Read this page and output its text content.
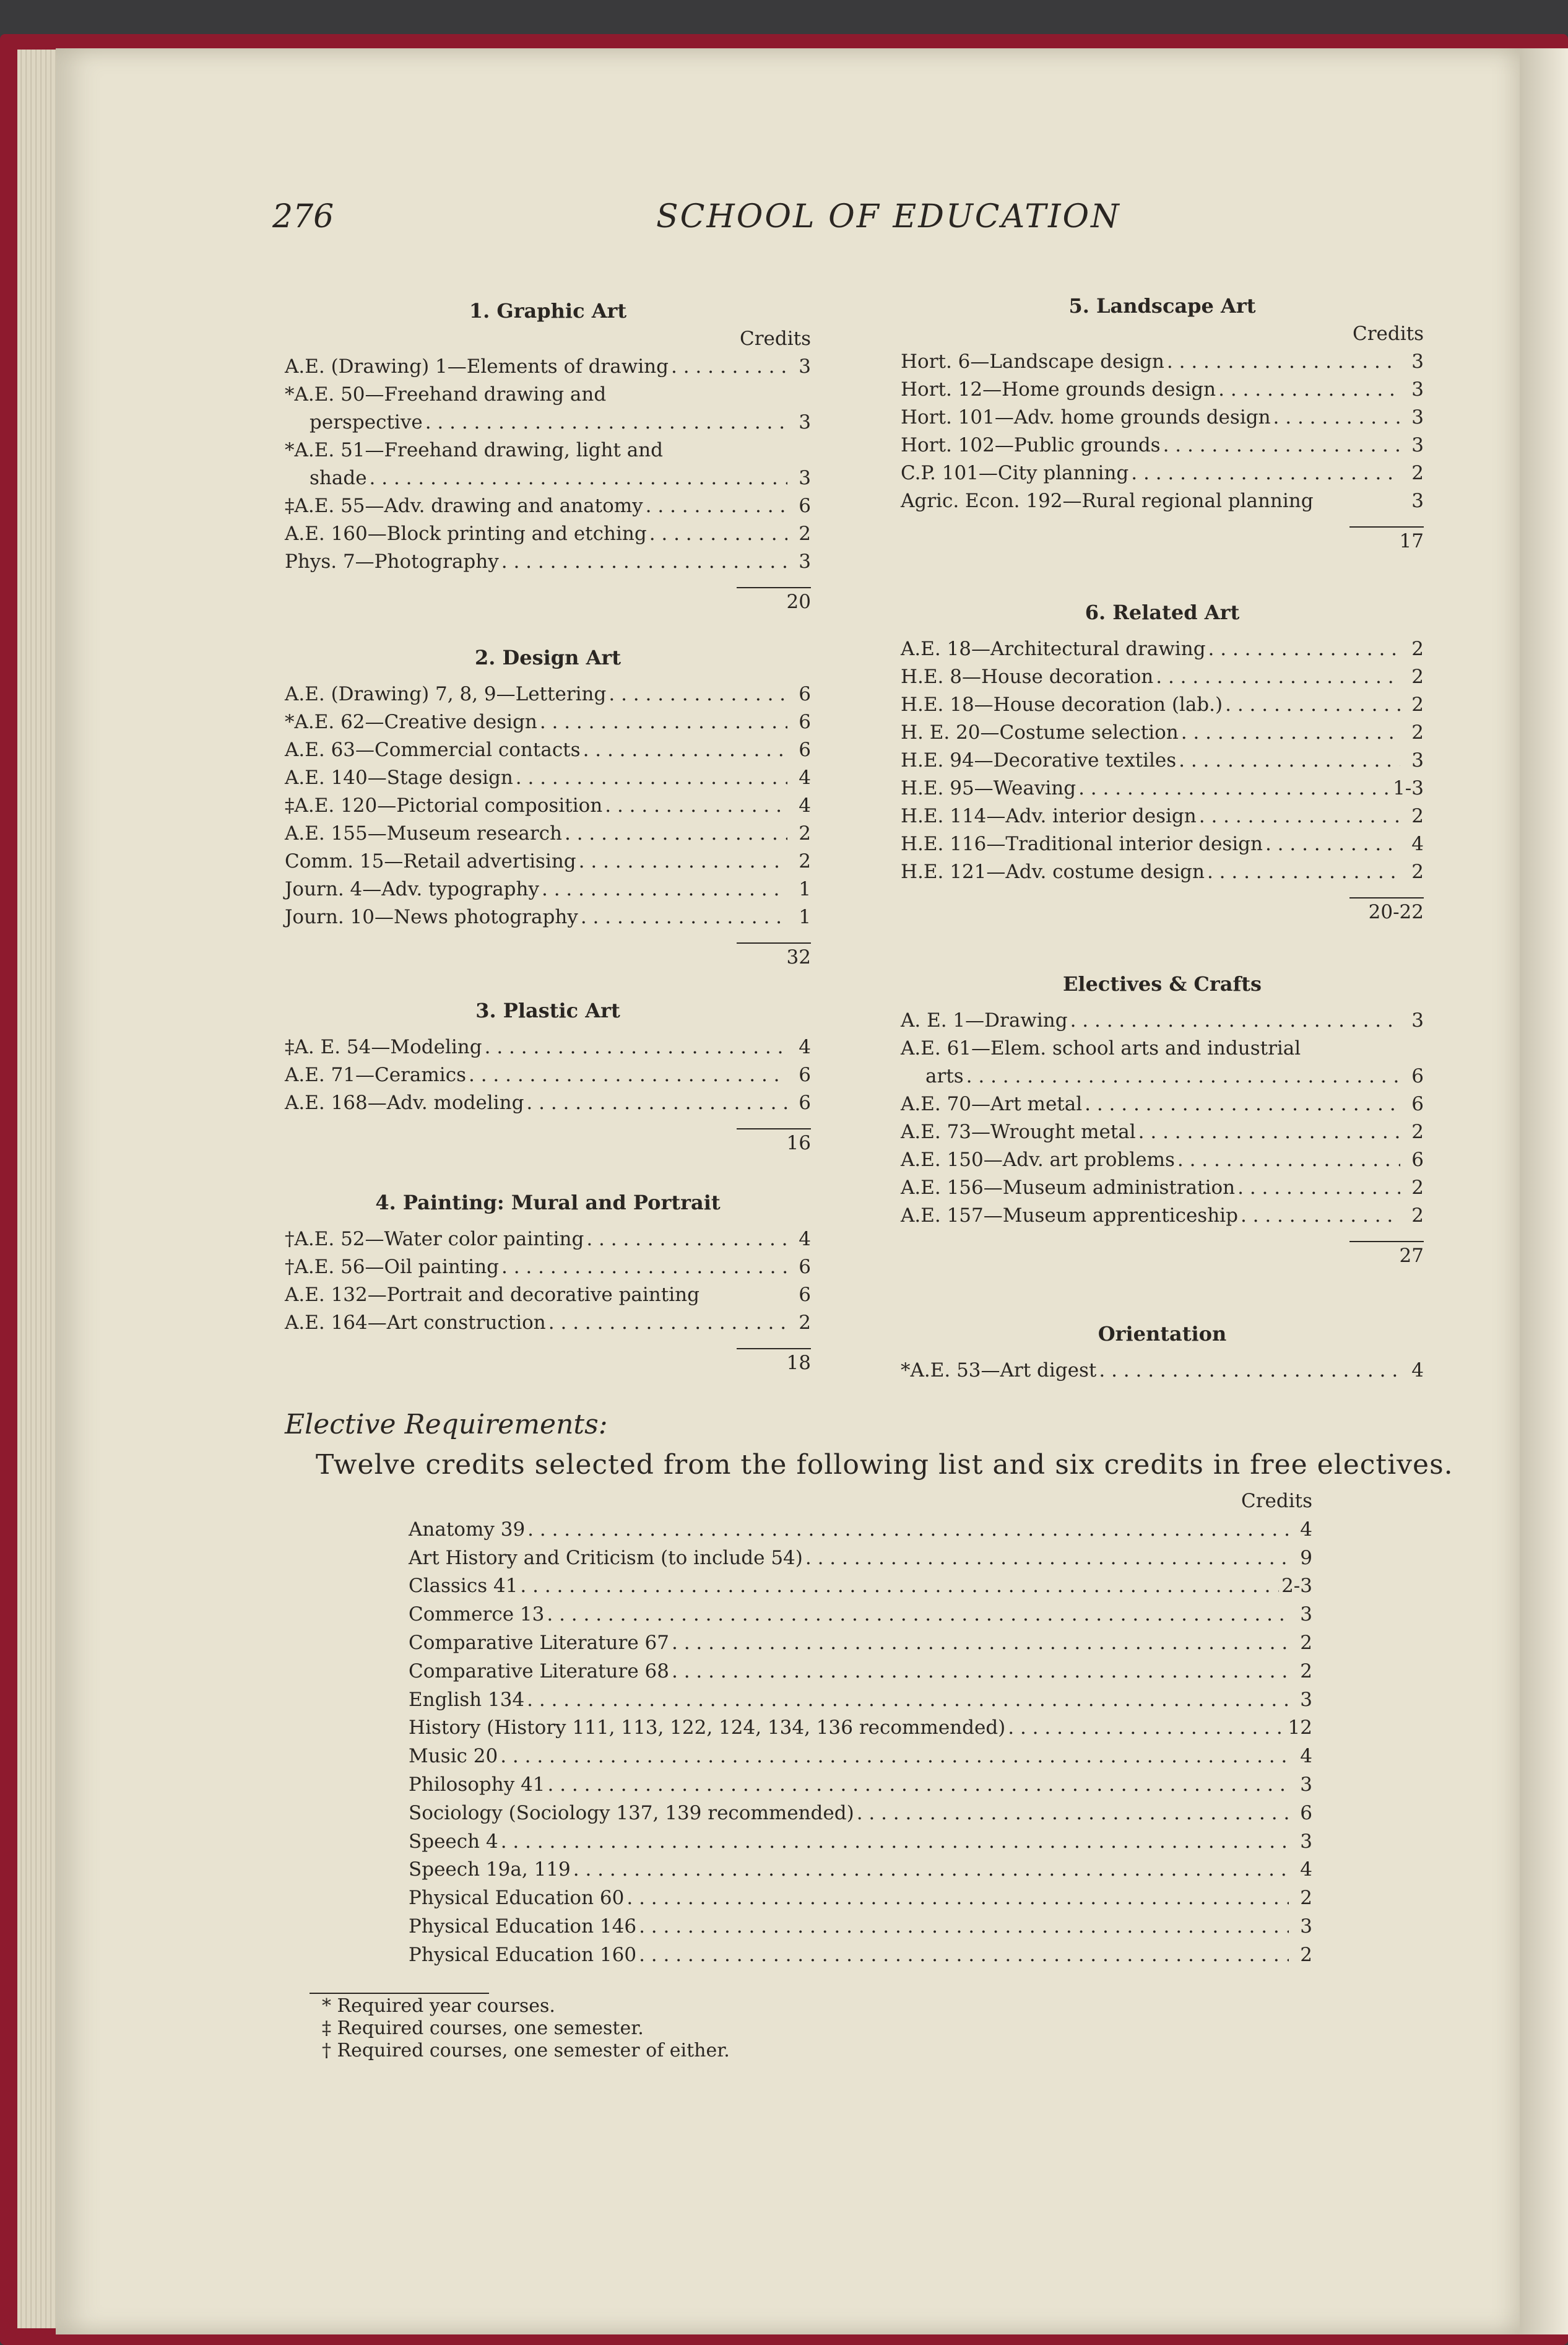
276	SCHOOL OF EDUCATION
1. Graphic Art
Credits
A.E. (Drawing) 1—Elements of drawing . . .	3
*A.E. 50—Freehand drawing and
perspective . . .	3
*A.E. 51—Freehand drawing, light and
shade . . .	3
‡A.E. 55—Adv. drawing and anatomy . . .	6
A.E. 160—Block printing and etching . . .	2
Phys. 7—Photography . . .	3
20
2. Design Art
A.E. (Drawing) 7, 8, 9—Lettering . . .	6
*A.E. 62—Creative design . . .	6
A.E. 63—Commercial contacts . . .	6
A.E. 140—Stage design . . .	4
‡A.E. 120—Pictorial composition . . .	4
A.E. 155—Museum research . . .	2
Comm. 15—Retail advertising . . .	2
Journ. 4—Adv. typography . . .	1
Journ. 10—News photography . . .	1
32
3. Plastic Art
‡A. E. 54—Modeling . . .	4
A.E. 71—Ceramics . . .	6
A.E. 168—Adv. modeling . . .	6
16
4. Painting: Mural and Portrait
†A.E. 52—Water color painting . . .	4
†A.E. 56—Oil painting . . .	6
A.E. 132—Portrait and decorative painting	6
A.E. 164—Art construction . . .	2
18
5. Landscape Art
Credits
Hort. 6—Landscape design . . .	3
Hort. 12—Home grounds design . . .	3
Hort. 101—Adv. home grounds design . . .	3
Hort. 102—Public grounds . . .	3
C.P. 101—City planning . . .	2
Agric. Econ. 192—Rural regional planning	3
17
6. Related Art
A.E. 18—Architectural drawing . . .	2
H.E. 8—House decoration . . .	2
H.E. 18—House decoration (lab.) . . .	2
H. E. 20—Costume selection . . .	2
H.E. 94—Decorative textiles . . .	3
H.E. 95—Weaving . . .	1-3
H.E. 114—Adv. interior design . . .	2
H.E. 116—Traditional interior design . . .	4
H.E. 121—Adv. costume design . . .	2
20-22
Electives & Crafts
A. E. 1—Drawing . . .	3
A.E. 61—Elem. school arts and industrial
arts . . .	6
A.E. 70—Art metal . . .	6
A.E. 73—Wrought metal . . .	2
A.E. 150—Adv. art problems . . .	6
A.E. 156—Museum administration . . .	2
A.E. 157—Museum apprenticeship . . .	2
27
Orientation
*A.E. 53—Art digest . . .	4
Elective Requirements:
Twelve credits selected from the following list and six credits in free electives.
Credits
Anatomy 39 . . .	4
Art History and Criticism (to include 54) . . .	9
Classics 41 . . .	2-3
Commerce 13 . . .	3
Comparative Literature 67 . . .	2
Comparative Literature 68 . . .	2
English 134 . . .	3
History (History 111, 113, 122, 124, 134, 136 recommended) . . .	12
Music 20 . . .	4
Philosophy 41 . . .	3
Sociology (Sociology 137, 139 recommended) . . .	6
Speech 4 . . .	3
Speech 19a, 119 . . .	4
Physical Education 60 . . .	2
Physical Education 146 . . .	3
Physical Education 160 . . .	2
* Required year courses.
‡ Required courses, one semester.
† Required courses, one semester of either.
